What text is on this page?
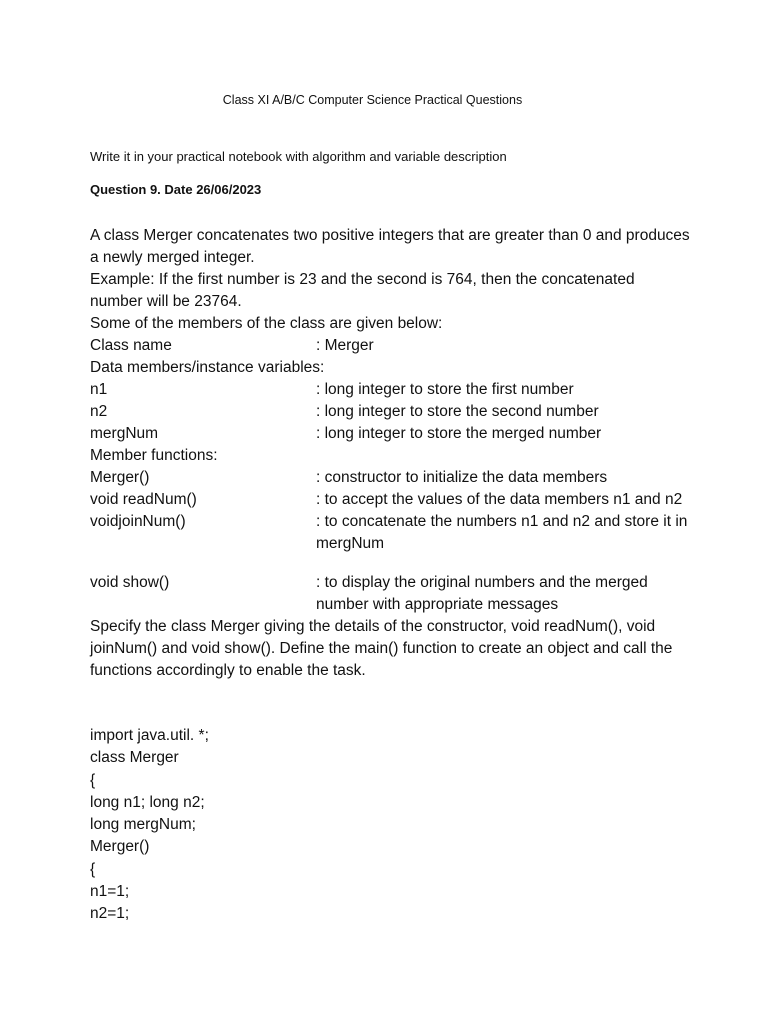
Class XI A/B/C Computer Science Practical Questions
Write it in your practical notebook with algorithm and variable description
Question 9. Date 26/06/2023

A class Merger concatenates two positive integers that are greater than 0 and produces a newly merged integer.

Example: If the first number is 23 and the second is 764, then the concatenated number will be 23764.

Some of the members of the class are given below:

Class name	: Merger

Data members/instance variables:

n1	: long integer to store the first number
n2	: long integer to store the second number
mergNum	: long integer to store the merged number

Member functions:

Merger()	: constructor to initialize the data members
void readNum()	: to accept the values of the data members n1 and n2
voidjoinNum()	: to concatenate the numbers n1 and n2 and store it in mergNum
void show()	: to display the original numbers and the merged number with appropriate messages

Specify the class Merger giving the details of the constructor, void readNum(), void joinNum() and void show(). Define the main() function to create an object and call the functions accordingly to enable the task.

import java.util. *;
class Merger
{
long n1; long n2;
long mergNum;
Merger()
{
n1=1;
n2=1;
